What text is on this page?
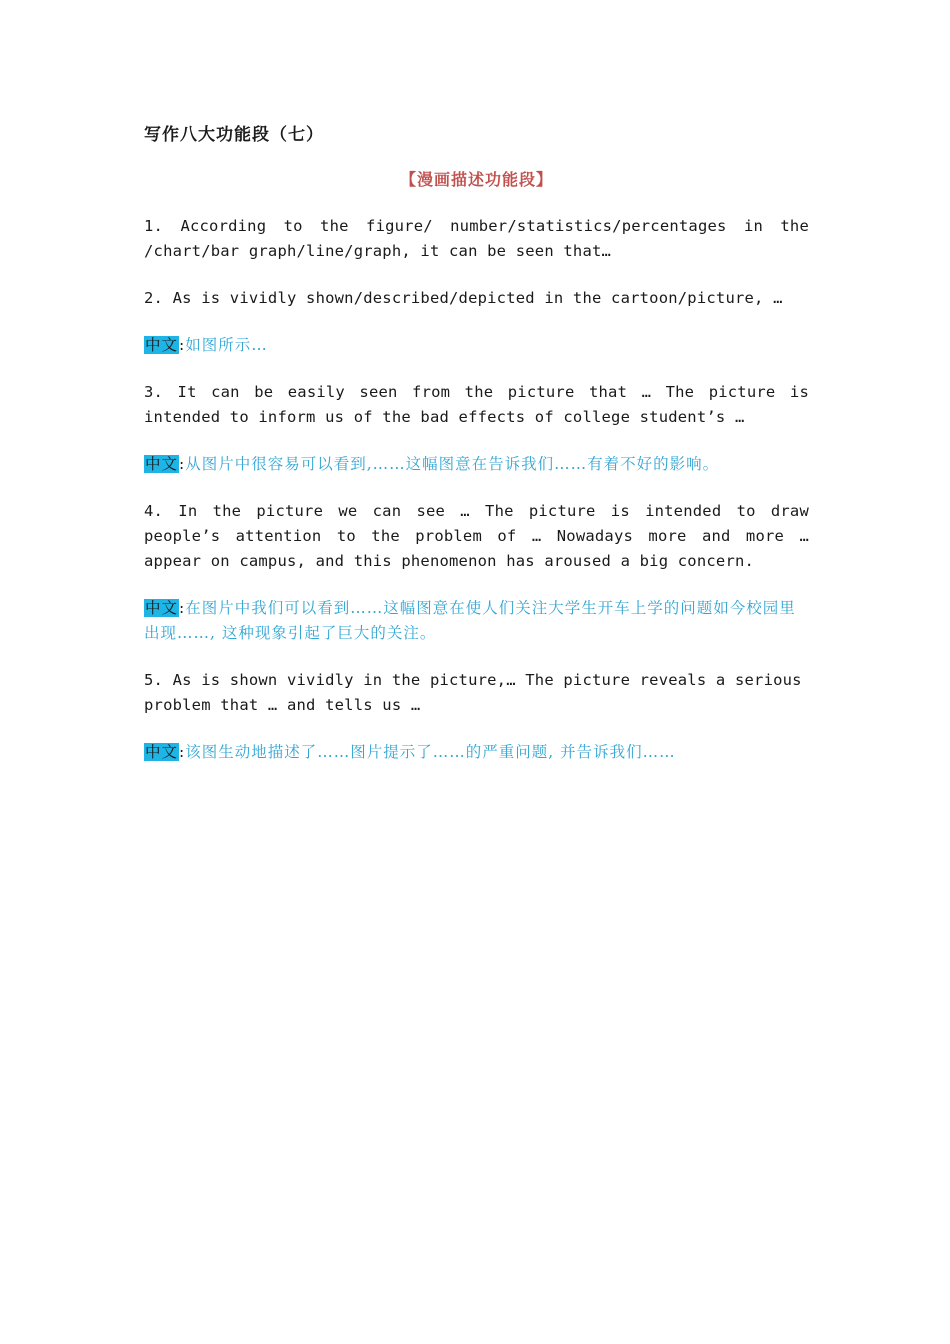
写作八大功能段（七）
【漫画描述功能段】

1. According to the figure/ number/statistics/percentages in the /chart/bar graph/line/graph, it can be seen that…

2. As is vividly shown/described/depicted in the cartoon/picture, …

中文:如图所示…

3. It can be easily seen from the picture that … The picture is intended to inform us of the bad effects of college student’s …

中文:从图片中很容易可以看到,……这幅图意在告诉我们……有着不好的影响。

4. In the picture we can see … The picture is intended to draw people’s attention to the problem of … Nowadays more and more … appear on campus, and this phenomenon has aroused a big concern.

中文:在图片中我们可以看到……这幅图意在使人们关注大学生开车上学的问题如今校园里出现……, 这种现象引起了巨大的关注。

5. As is shown vividly in the picture,… The picture reveals a serious problem that … and tells us …

中文:该图生动地描述了……图片提示了……的严重问题, 并告诉我们……
